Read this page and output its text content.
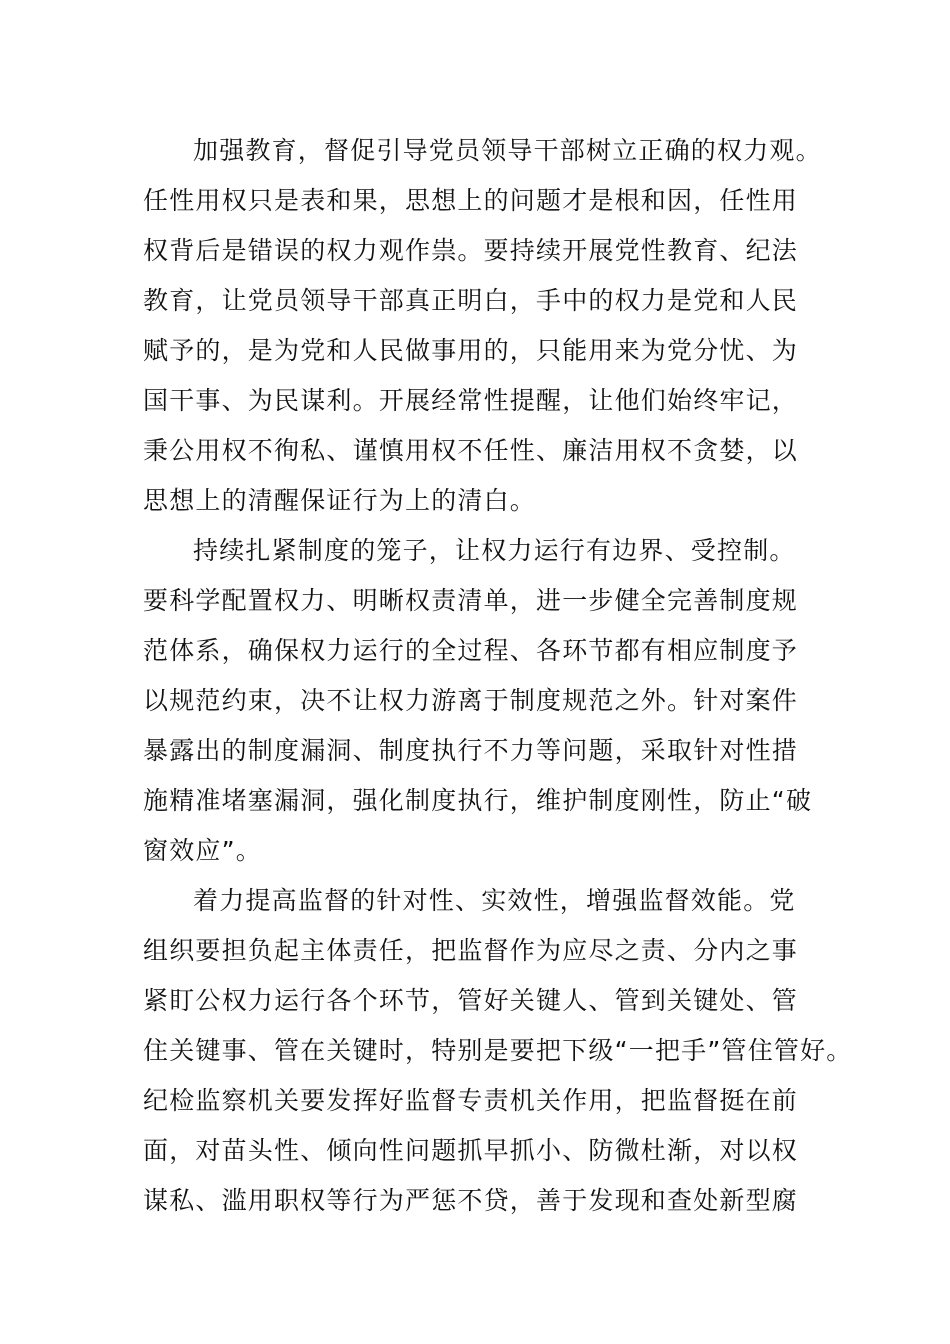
加强教育，督促引导党员领导干部树立正确的权力观。
任性用权只是表和果，思想上的问题才是根和因，任性用
权背后是错误的权力观作祟。要持续开展党性教育、纪法
教育，让党员领导干部真正明白，手中的权力是党和人民
赋予的，是为党和人民做事用的，只能用来为党分忧、为
国干事、为民谋利。开展经常性提醒，让他们始终牢记，
秉公用权不徇私、谨慎用权不任性、廉洁用权不贪婪，以
思想上的清醒保证行为上的清白。
持续扎紧制度的笼子，让权力运行有边界、受控制。
要科学配置权力、明晰权责清单，进一步健全完善制度规
范体系，确保权力运行的全过程、各环节都有相应制度予
以规范约束，决不让权力游离于制度规范之外。针对案件
暴露出的制度漏洞、制度执行不力等问题，采取针对性措
施精准堵塞漏洞，强化制度执行，维护制度刚性，防止“破
窗效应”。
着力提高监督的针对性、实效性，增强监督效能。党
组织要担负起主体责任，把监督作为应尽之责、分内之事
紧盯公权力运行各个环节，管好关键人、管到关键处、管
住关键事、管在关键时，特别是要把下级“一把手”管住管好。
纪检监察机关要发挥好监督专责机关作用，把监督挺在前
面，对苗头性、倾向性问题抓早抓小、防微杜渐，对以权
谋私、滥用职权等行为严惩不贷，善于发现和查处新型腐
